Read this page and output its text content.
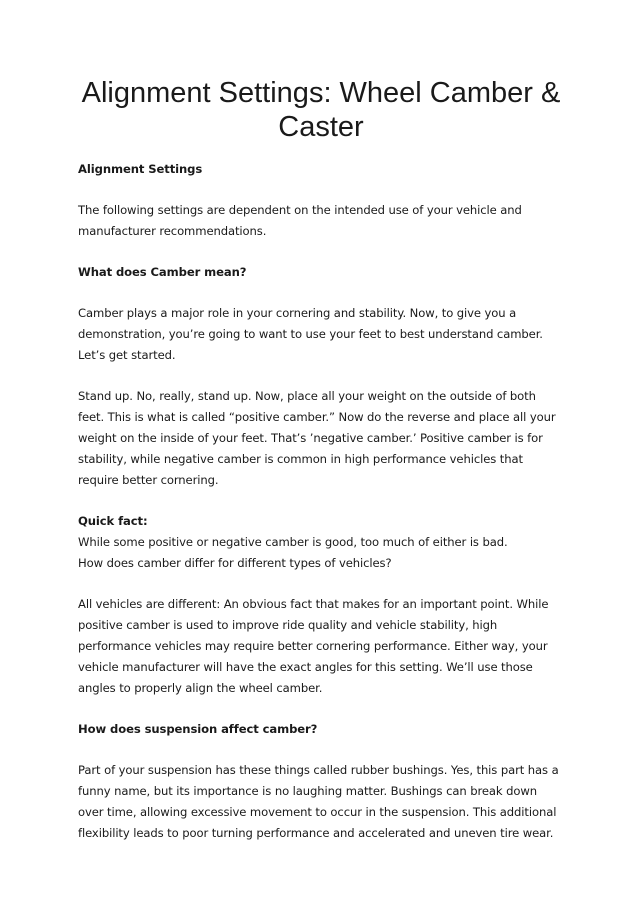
Alignment Settings: Wheel Camber & Caster

Alignment Settings

The following settings are dependent on the intended use of your vehicle and manufacturer recommendations.

What does Camber mean?

Camber plays a major role in your cornering and stability. Now, to give you a demonstration, you’re going to want to use your feet to best understand camber. Let’s get started.

Stand up. No, really, stand up. Now, place all your weight on the outside of both feet. This is what is called “positive camber.” Now do the reverse and place all your weight on the inside of your feet. That’s ’negative camber.’ Positive camber is for stability, while negative camber is common in high performance vehicles that require better cornering.

Quick fact:

While some positive or negative camber is good, too much of either is bad.

How does camber differ for different types of vehicles?

All vehicles are different: An obvious fact that makes for an important point. While positive camber is used to improve ride quality and vehicle stability, high performance vehicles may require better cornering performance. Either way, your vehicle manufacturer will have the exact angles for this setting. We’ll use those angles to properly align the wheel camber.

How does suspension affect camber?

Part of your suspension has these things called rubber bushings. Yes, this part has a funny name, but its importance is no laughing matter. Bushings can break down over time, allowing excessive movement to occur in the suspension. This additional flexibility leads to poor turning performance and accelerated and uneven tire wear.
